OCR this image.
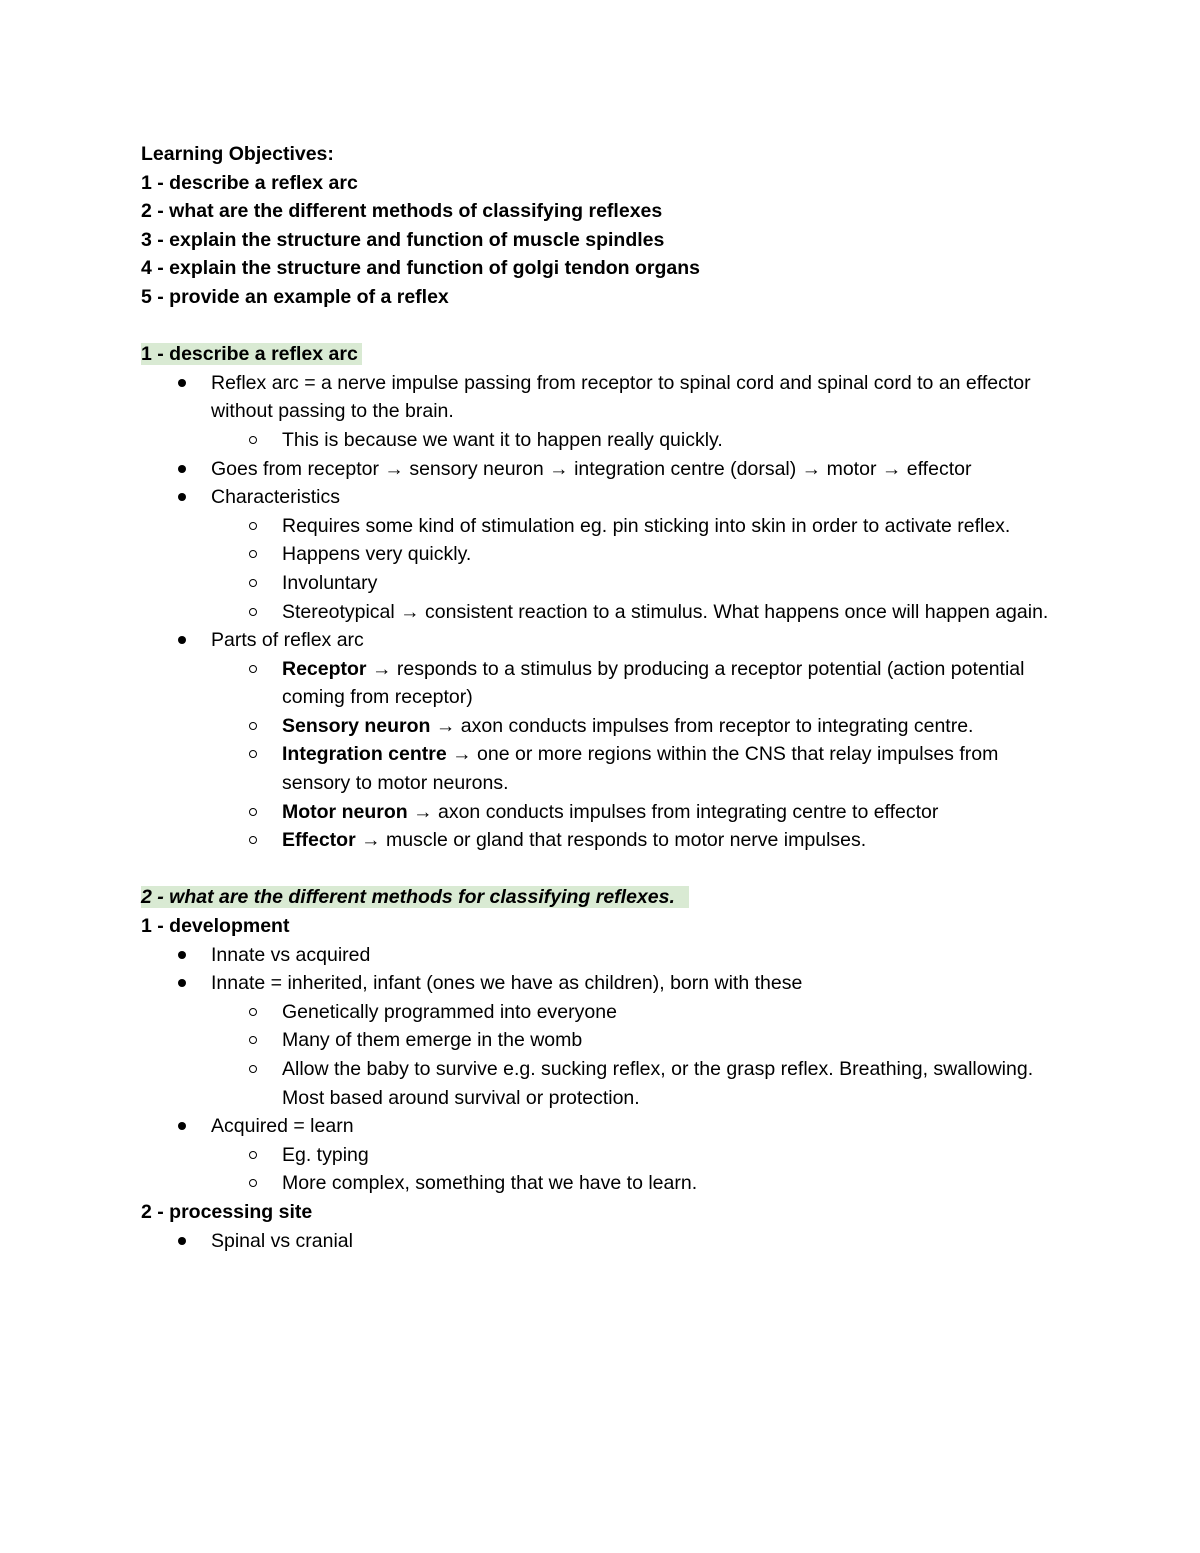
Learning Objectives:
1 - describe a reflex arc
2 - what are the different methods of classifying reflexes
3 - explain the structure and function of muscle spindles
4 - explain the structure and function of golgi tendon organs
5 - provide an example of a reflex
1 - describe a reflex arc
Reflex arc = a nerve impulse passing from receptor to spinal cord and spinal cord to an effector without passing to the brain.
This is because we want it to happen really quickly.
Goes from receptor → sensory neuron → integration centre (dorsal) → motor → effector
Characteristics
Requires some kind of stimulation eg. pin sticking into skin in order to activate reflex.
Happens very quickly.
Involuntary
Stereotypical → consistent reaction to a stimulus. What happens once will happen again.
Parts of reflex arc
Receptor → responds to a stimulus by producing a receptor potential (action potential coming from receptor)
Sensory neuron → axon conducts impulses from receptor to integrating centre.
Integration centre → one or more regions within the CNS that relay impulses from sensory to motor neurons.
Motor neuron → axon conducts impulses from integrating centre to effector
Effector → muscle or gland that responds to motor nerve impulses.
2 - what are the different methods for classifying reflexes.
1 - development
Innate vs acquired
Innate = inherited, infant (ones we have as children), born with these
Genetically programmed into everyone
Many of them emerge in the womb
Allow the baby to survive e.g. sucking reflex, or the grasp reflex. Breathing, swallowing. Most based around survival or protection.
Acquired = learn
Eg. typing
More complex, something that we have to learn.
2 - processing site
Spinal vs cranial
